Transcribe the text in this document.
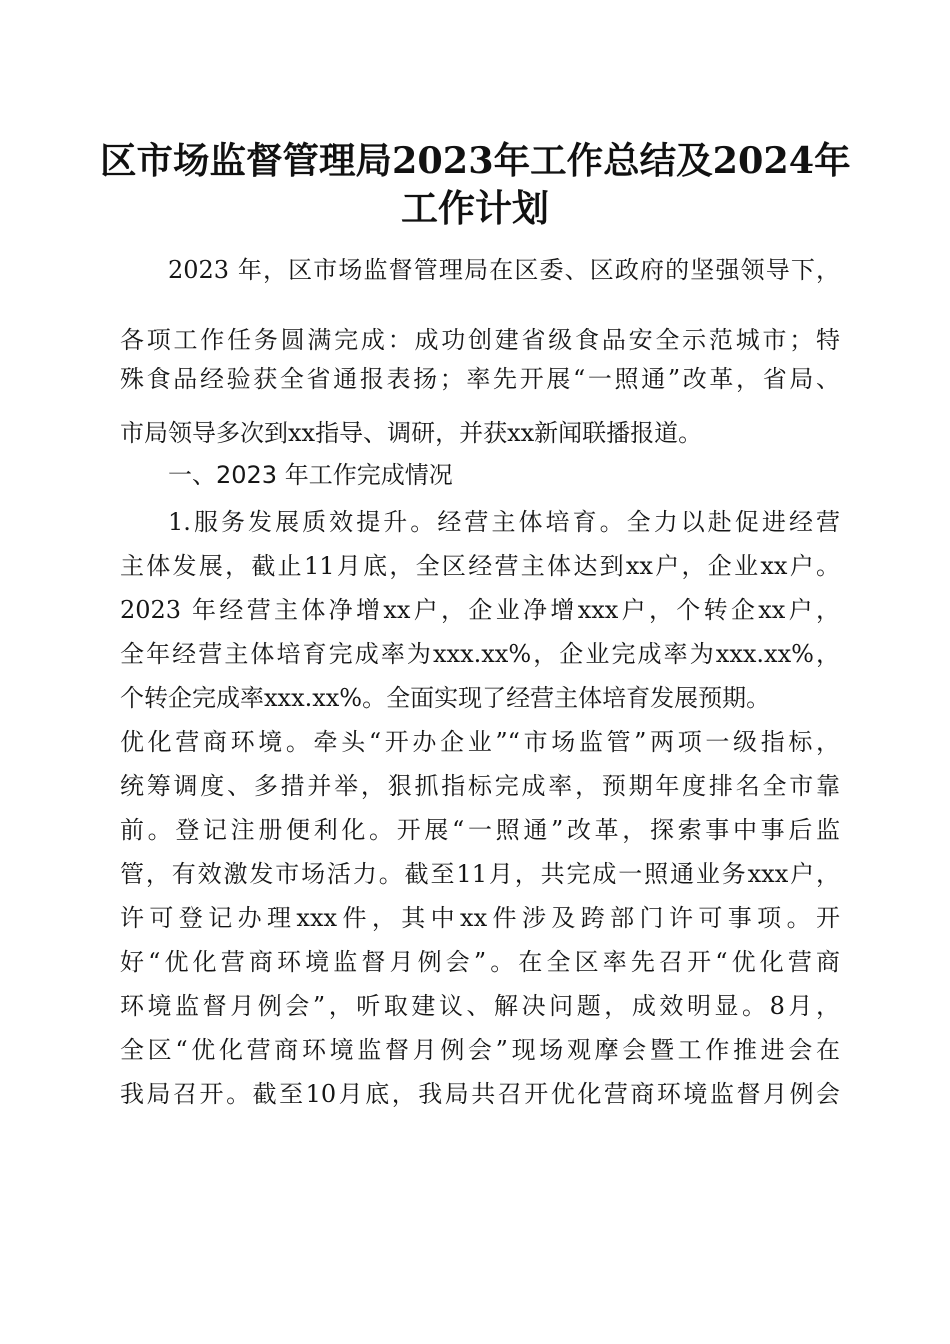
区市场监督管理局2023年工作总结及2024年
工作计划
2023 年，区市场监督管理局在区委、区政府的坚强领导下，
各项工作任务圆满完成：成功创建省级食品安全示范城市；特
殊食品经验获全省通报表扬；率先开展“一照通”改革，省局、
市局领导多次到xx指导、调研，并获xx新闻联播报道。
一、2023 年工作完成情况
1.服务发展质效提升。经营主体培育。全力以赴促进经营
主体发展，截止11月底，全区经营主体达到xx户，企业xx户。
2023 年经营主体净增xx户，企业净增xxx户，个转企xx户，
全年经营主体培育完成率为xxx.xx%，企业完成率为xxx.xx%，
个转企完成率xxx.xx%。全面实现了经营主体培育发展预期。
优化营商环境。牵头“开办企业”“市场监管”两项一级指标，
统筹调度、多措并举，狠抓指标完成率，预期年度排名全市靠
前。登记注册便利化。开展“一照通”改革，探索事中事后监
管，有效激发市场活力。截至11月，共完成一照通业务xxx户，
许可登记办理xxx件，其中xx件涉及跨部门许可事项。开
好“优化营商环境监督月例会”。在全区率先召开“优化营商
环境监督月例会”，听取建议、解决问题，成效明显。8月，
全区“优化营商环境监督月例会”现场观摩会暨工作推进会在
我局召开。截至10月底，我局共召开优化营商环境监督月例会
